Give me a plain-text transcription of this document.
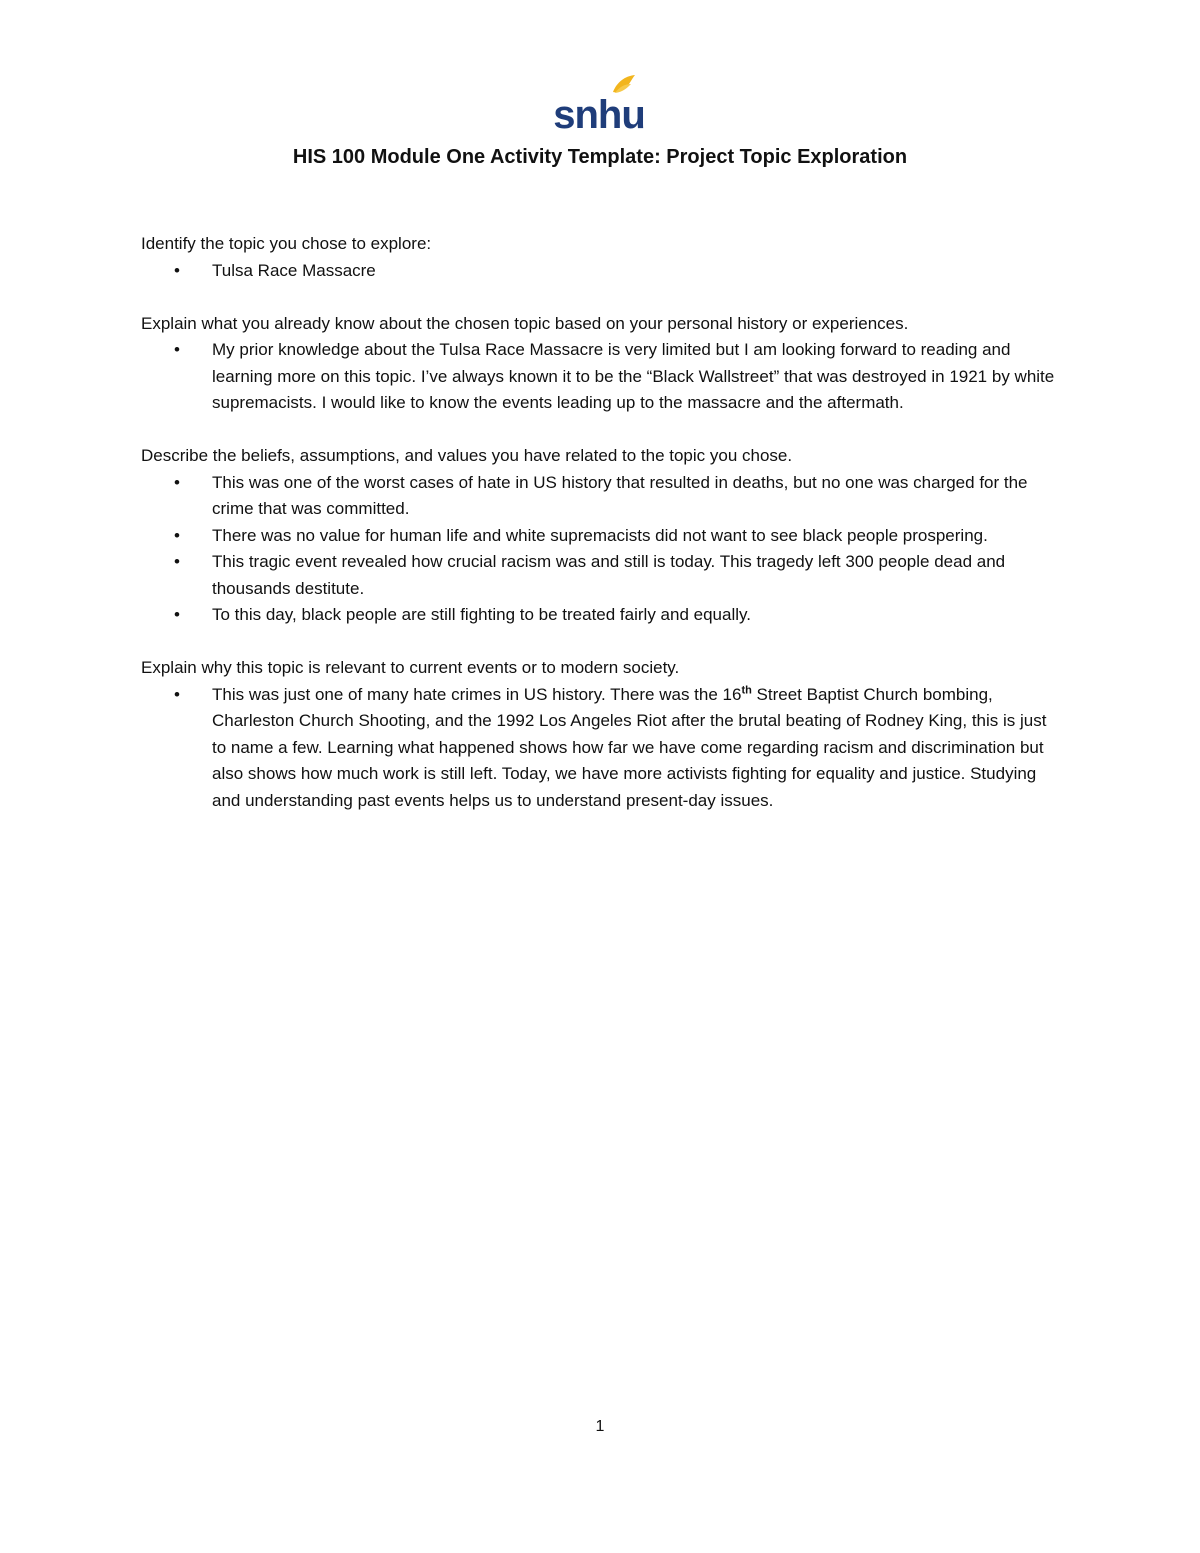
snhu
HIS 100 Module One Activity Template: Project Topic Exploration

Identify the topic you chose to explore:

• Tulsa Race Massacre

Explain what you already know about the chosen topic based on your personal history or experiences.

• My prior knowledge about the Tulsa Race Massacre is very limited but I am looking forward to reading and learning more on this topic. I’ve always known it to be the “Black Wallstreet” that was destroyed in 1921 by white supremacists. I would like to know the events leading up to the massacre and the aftermath.

Describe the beliefs, assumptions, and values you have related to the topic you chose.

• This was one of the worst cases of hate in US history that resulted in deaths, but no one was charged for the crime that was committed.
• There was no value for human life and white supremacists did not want to see black people prospering.
• This tragic event revealed how crucial racism was and still is today. This tragedy left 300 people dead and thousands destitute.
• To this day, black people are still fighting to be treated fairly and equally.

Explain why this topic is relevant to current events or to modern society.

• This was just one of many hate crimes in US history. There was the 16th Street Baptist Church bombing, Charleston Church Shooting, and the 1992 Los Angeles Riot after the brutal beating of Rodney King, this is just to name a few. Learning what happened shows how far we have come regarding racism and discrimination but also shows how much work is still left. Today, we have more activists fighting for equality and justice. Studying and understanding past events helps us to understand present-day issues.
1
